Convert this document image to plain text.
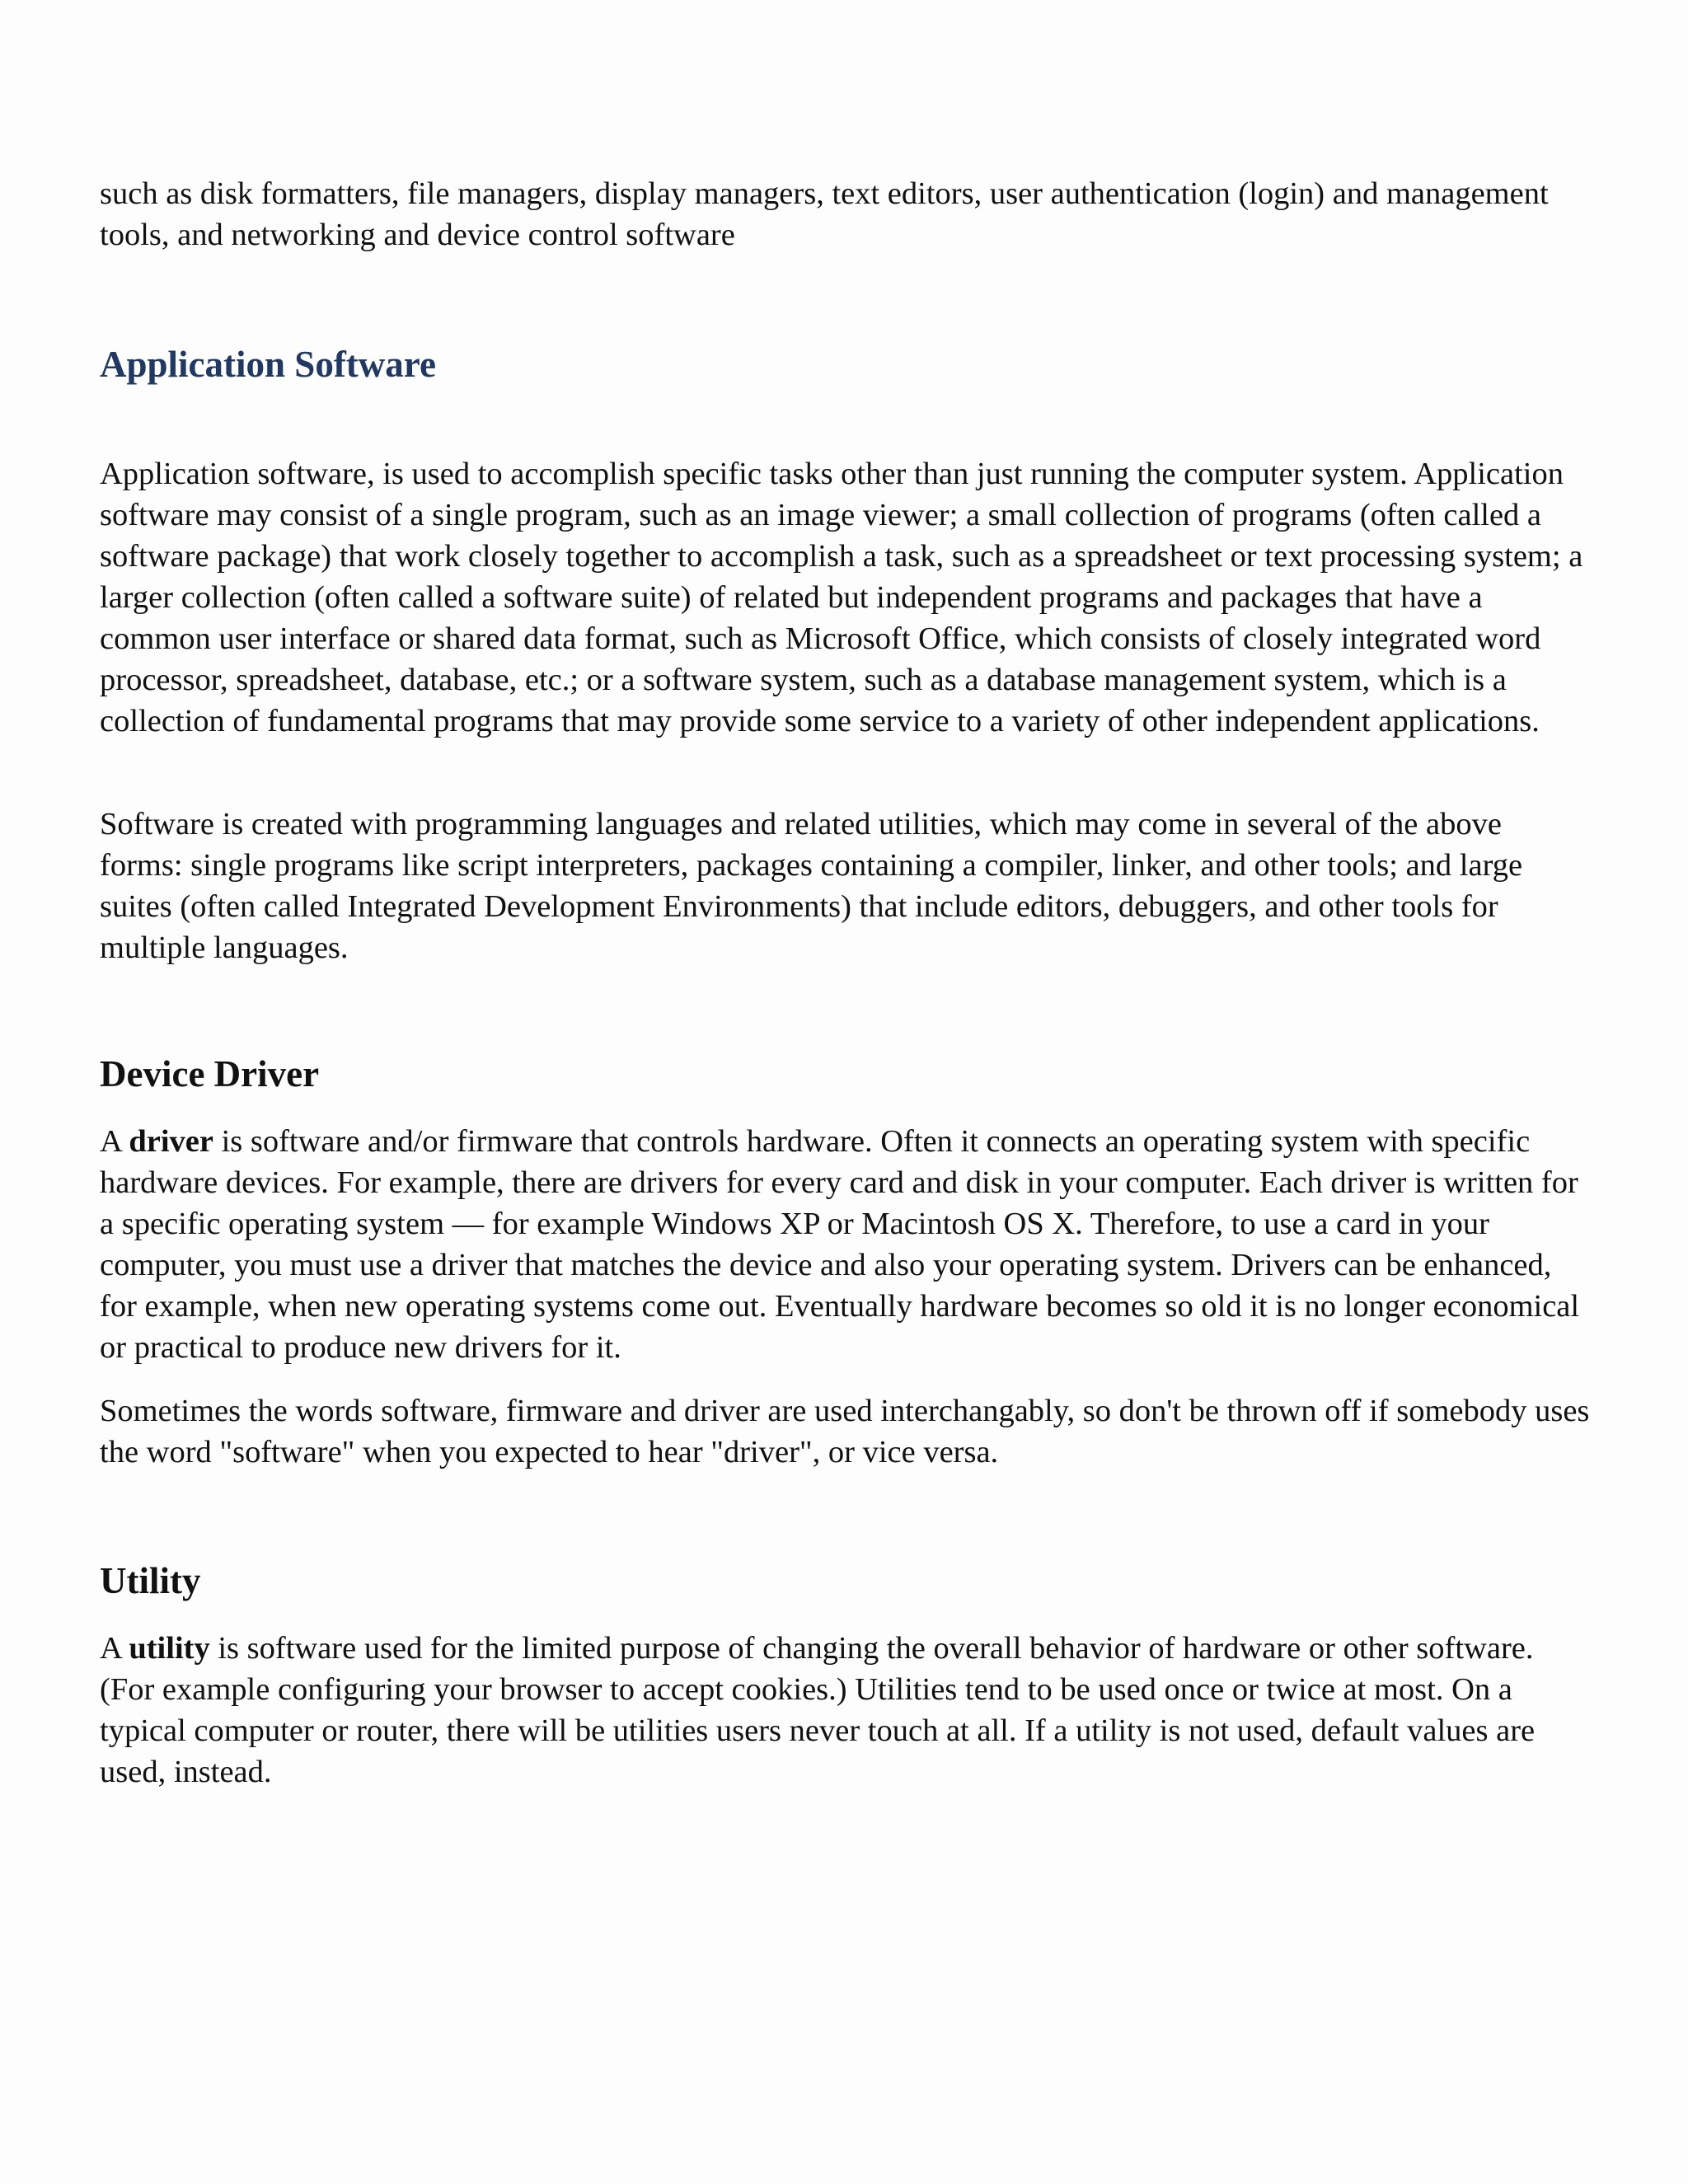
such as disk formatters, file managers, display managers, text editors, user authentication (login) and management tools, and networking and device control software

Application Software

Application software, is used to accomplish specific tasks other than just running the computer system. Application software may consist of a single program, such as an image viewer; a small collection of programs (often called a software package) that work closely together to accomplish a task, such as a spreadsheet or text processing system; a larger collection (often called a software suite) of related but independent programs and packages that have a common user interface or shared data format, such as Microsoft Office, which consists of closely integrated word processor, spreadsheet, database, etc.; or a software system, such as a database management system, which is a collection of fundamental programs that may provide some service to a variety of other independent applications.

Software is created with programming languages and related utilities, which may come in several of the above forms: single programs like script interpreters, packages containing a compiler, linker, and other tools; and large suites (often called Integrated Development Environments) that include editors, debuggers, and other tools for multiple languages.

Device Driver

A driver is software and/or firmware that controls hardware. Often it connects an operating system with specific hardware devices. For example, there are drivers for every card and disk in your computer. Each driver is written for a specific operating system — for example Windows XP or Macintosh OS X. Therefore, to use a card in your computer, you must use a driver that matches the device and also your operating system. Drivers can be enhanced, for example, when new operating systems come out. Eventually hardware becomes so old it is no longer economical or practical to produce new drivers for it.

Sometimes the words software, firmware and driver are used interchangably, so don't be thrown off if somebody uses the word "software" when you expected to hear "driver", or vice versa.

Utility

A utility is software used for the limited purpose of changing the overall behavior of hardware or other software. (For example configuring your browser to accept cookies.) Utilities tend to be used once or twice at most. On a typical computer or router, there will be utilities users never touch at all. If a utility is not used, default values are used, instead.
